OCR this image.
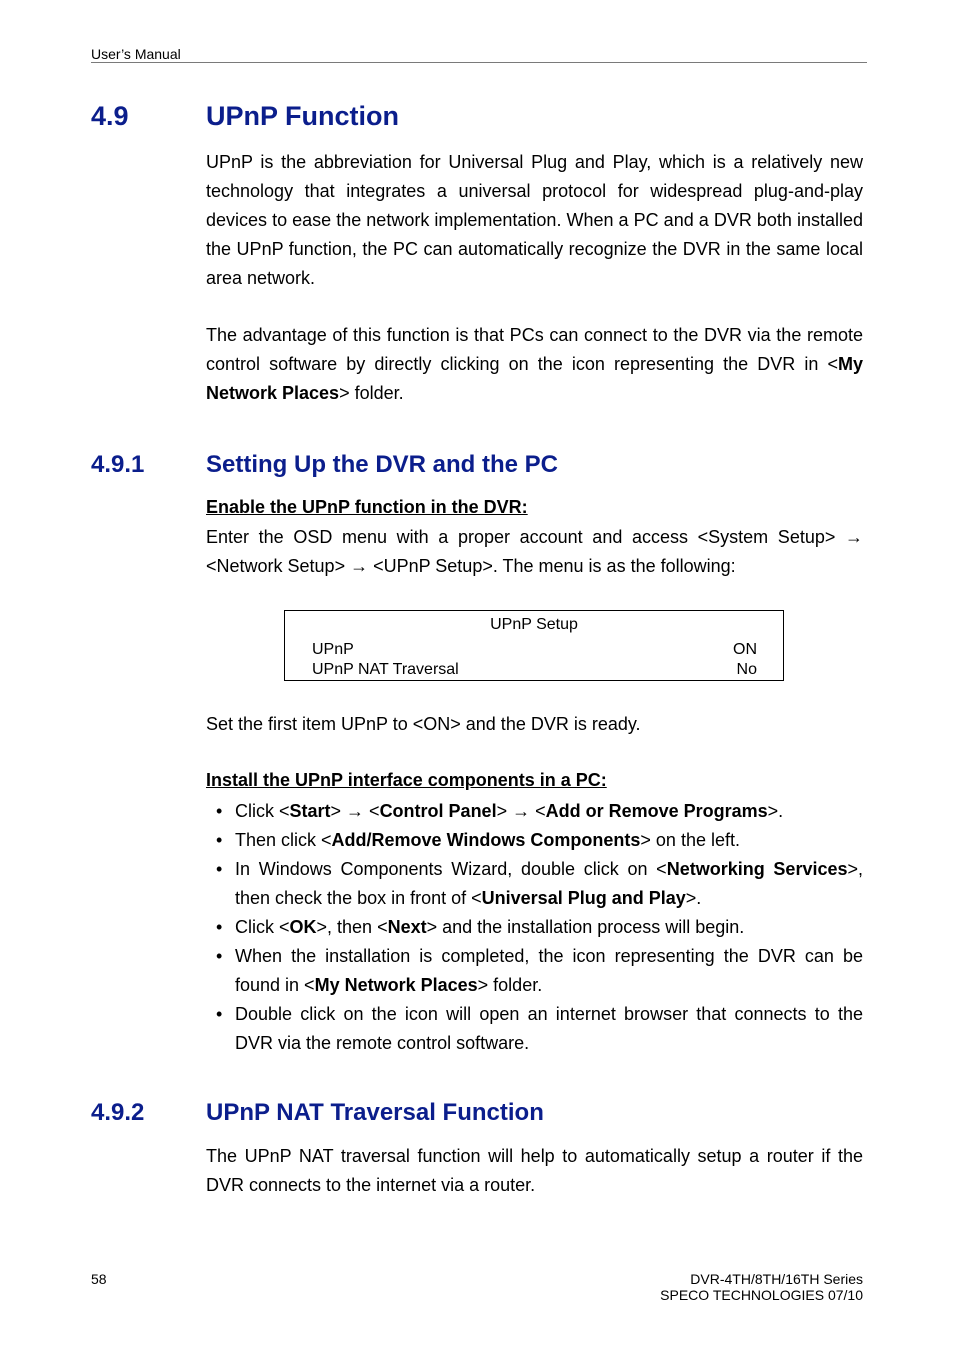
User’s Manual
4.9	UPnP Function

UPnP is the abbreviation for Universal Plug and Play, which is a relatively new technology that integrates a universal protocol for widespread plug-and-play devices to ease the network implementation. When a PC and a DVR both installed the UPnP function, the PC can automatically recognize the DVR in the same local area network.

The advantage of this function is that PCs can connect to the DVR via the remote control software by directly clicking on the icon representing the DVR in <My Network Places> folder.

4.9.1	Setting Up the DVR and the PC
Enable the UPnP function in the DVR:

Enter the OSD menu with a proper account and access <System Setup> → <Network Setup> → <UPnP Setup>. The menu is as the following:

UPnP Setup
UPnP	ON
UPnP NAT Traversal	No

Set the first item UPnP to <ON> and the DVR is ready.

Install the UPnP interface components in a PC:
• Click <Start> → <Control Panel> → <Add or Remove Programs>.
• Then click <Add/Remove Windows Components> on the left.
• In Windows Components Wizard, double click on <Networking Services>, then check the box in front of <Universal Plug and Play>.
• Click <OK>, then <Next> and the installation process will begin.
• When the installation is completed, the icon representing the DVR can be found in <My Network Places> folder.
• Double click on the icon will open an internet browser that connects to the DVR via the remote control software.
4.9.2	UPnP NAT Traversal Function

The UPnP NAT traversal function will help to automatically setup a router if the DVR connects to the internet via a router.

58	DVR-4TH/8TH/16TH Series
SPECO TECHNOLOGIES 07/10
